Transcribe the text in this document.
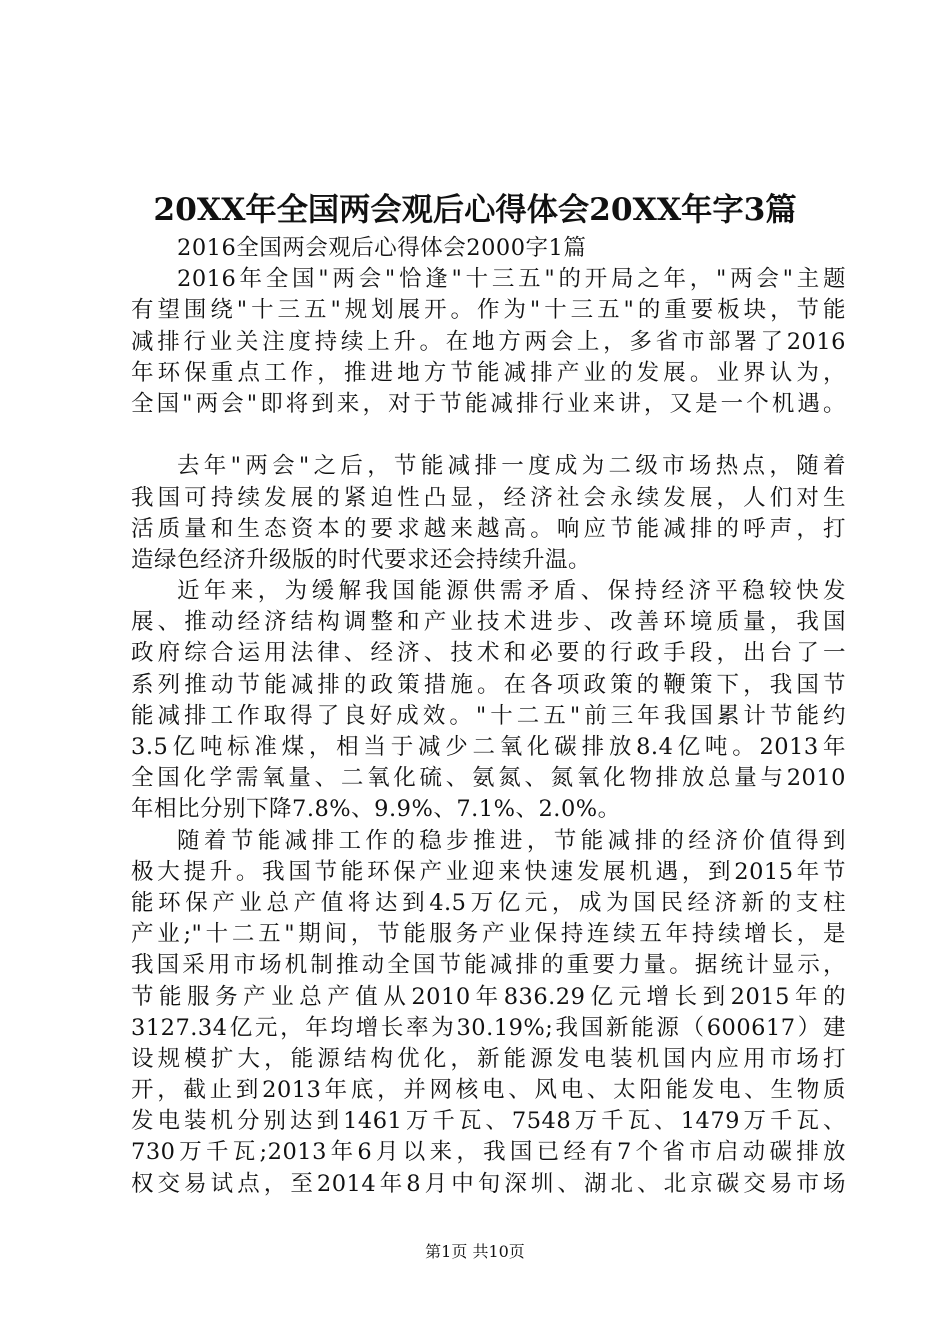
20XX年全国两会观后心得体会20XX年字3篇
2016全国两会观后心得体会2000字1篇
2016年全国"两会"恰逢"十三五"的开局之年，"两会"主题
有望围绕"十三五"规划展开。作为"十三五"的重要板块，节能
减排行业关注度持续上升。在地方两会上，多省市部署了2016
年环保重点工作，推进地方节能减排产业的发展。业界认为，
全国"两会"即将到来，对于节能减排行业来讲，又是一个机遇。
去年"两会"之后，节能减排一度成为二级市场热点，随着
我国可持续发展的紧迫性凸显，经济社会永续发展，人们对生
活质量和生态资本的要求越来越高。响应节能减排的呼声，打
造绿色经济升级版的时代要求还会持续升温。
近年来，为缓解我国能源供需矛盾、保持经济平稳较快发
展、推动经济结构调整和产业技术进步、改善环境质量，我国
政府综合运用法律、经济、技术和必要的行政手段，出台了一
系列推动节能减排的政策措施。在各项政策的鞭策下，我国节
能减排工作取得了良好成效。"十二五"前三年我国累计节能约
3.5亿吨标准煤，相当于减少二氧化碳排放8.4亿吨。2013年
全国化学需氧量、二氧化硫、氨氮、氮氧化物排放总量与2010
年相比分别下降7.8%、9.9%、7.1%、2.0%。
随着节能减排工作的稳步推进，节能减排的经济价值得到
极大提升。我国节能环保产业迎来快速发展机遇，到2015年节
能环保产业总产值将达到4.5万亿元，成为国民经济新的支柱
产业;"十二五"期间，节能服务产业保持连续五年持续增长，是
我国采用市场机制推动全国节能减排的重要力量。据统计显示，
节能服务产业总产值从2010年836.29亿元增长到2015年的
3127.34亿元，年均增长率为30.19%;我国新能源（600617）建
设规模扩大，能源结构优化，新能源发电装机国内应用市场打
开，截止到2013年底，并网核电、风电、太阳能发电、生物质
发电装机分别达到1461万千瓦、7548万千瓦、1479万千瓦、
730万千瓦;2013年6月以来，我国已经有7个省市启动碳排放
权交易试点，至2014年8月中旬深圳、湖北、北京碳交易市场
第1页 共10页
